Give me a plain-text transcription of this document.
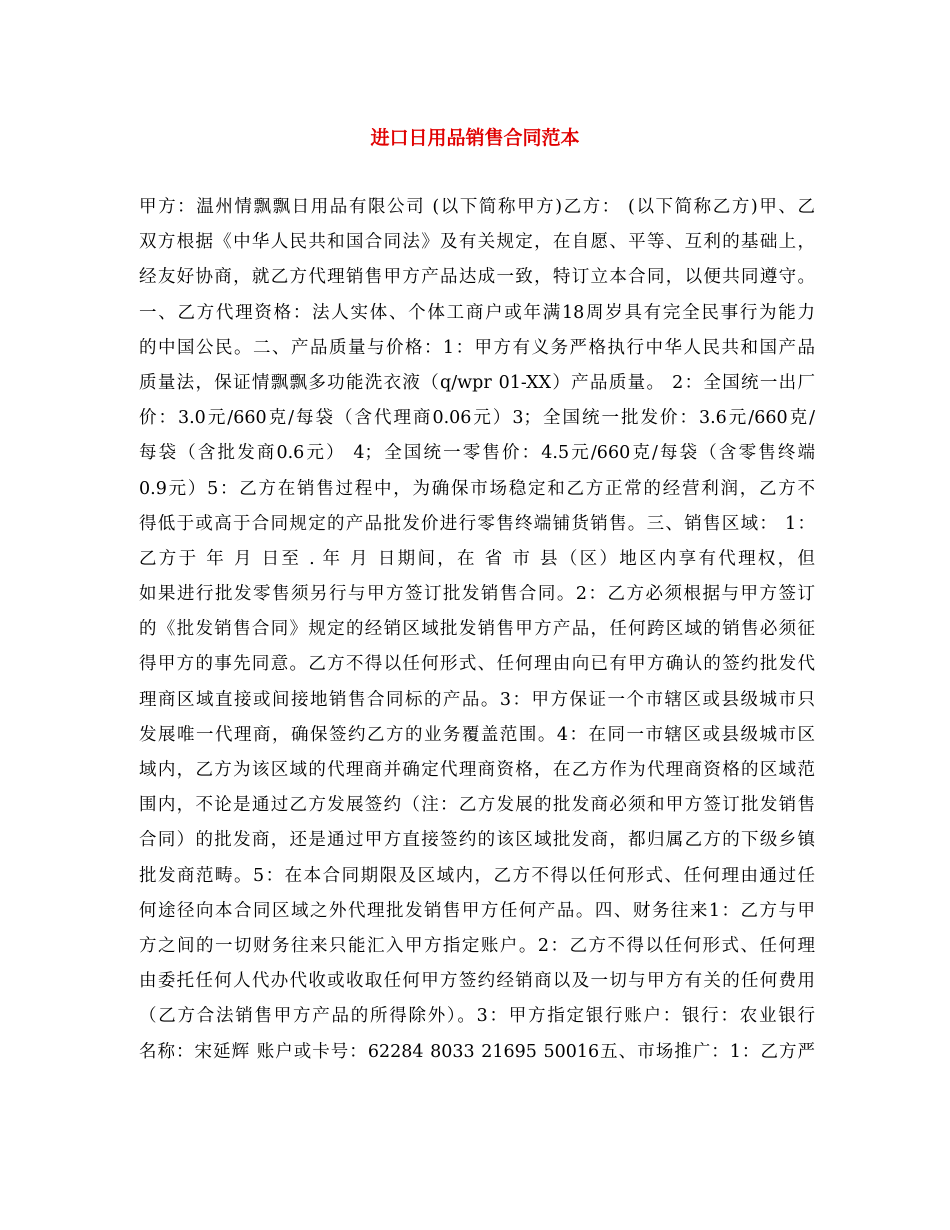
进口日用品销售合同范本
甲方：温州情飘飘日用品有限公司 (以下简称甲方)乙方： (以下简称乙方)甲、乙
双方根据《中华人民共和国合同法》及有关规定，在自愿、平等、互利的基础上，
经友好协商，就乙方代理销售甲方产品达成一致，特订立本合同，以便共同遵守。
一、乙方代理资格：法人实体、个体工商户或年满18周岁具有完全民事行为能力
的中国公民。二、产品质量与价格：1：甲方有义务严格执行中华人民共和国产品
质量法，保证情飘飘多功能洗衣液（q/wpr 01-XX）产品质量。 2：全国统一出厂
价：3.0元/660克/每袋（含代理商0.06元）3；全国统一批发价：3.6元/660克/
每袋（含批发商0.6元） 4；全国统一零售价：4.5元/660克/每袋（含零售终端
0.9元）5：乙方在销售过程中，为确保市场稳定和乙方正常的经营利润，乙方不
得低于或高于合同规定的产品批发价进行零售终端铺货销售。三、销售区域： 1：
乙方于 年 月 日至 . 年 月 日期间，在 省 市 县（区）地区内享有代理权，但
如果进行批发零售须另行与甲方签订批发销售合同。2：乙方必须根据与甲方签订
的《批发销售合同》规定的经销区域批发销售甲方产品，任何跨区域的销售必须征
得甲方的事先同意。乙方不得以任何形式、任何理由向已有甲方确认的签约批发代
理商区域直接或间接地销售合同标的产品。3：甲方保证一个市辖区或县级城市只
发展唯一代理商，确保签约乙方的业务覆盖范围。4：在同一市辖区或县级城市区
域内，乙方为该区域的代理商并确定代理商资格，在乙方作为代理商资格的区域范
围内，不论是通过乙方发展签约（注：乙方发展的批发商必须和甲方签订批发销售
合同）的批发商，还是通过甲方直接签约的该区域批发商，都归属乙方的下级乡镇
批发商范畴。5：在本合同期限及区域内，乙方不得以任何形式、任何理由通过任
何途径向本合同区域之外代理批发销售甲方任何产品。四、财务往来1：乙方与甲
方之间的一切财务往来只能汇入甲方指定账户。2：乙方不得以任何形式、任何理
由委托任何人代办代收或收取任何甲方签约经销商以及一切与甲方有关的任何费用
（乙方合法销售甲方产品的所得除外）。3：甲方指定银行账户：银行：农业银行
名称：宋延辉 账户或卡号：62284 8033 21695 50016五、市场推广：1：乙方严
